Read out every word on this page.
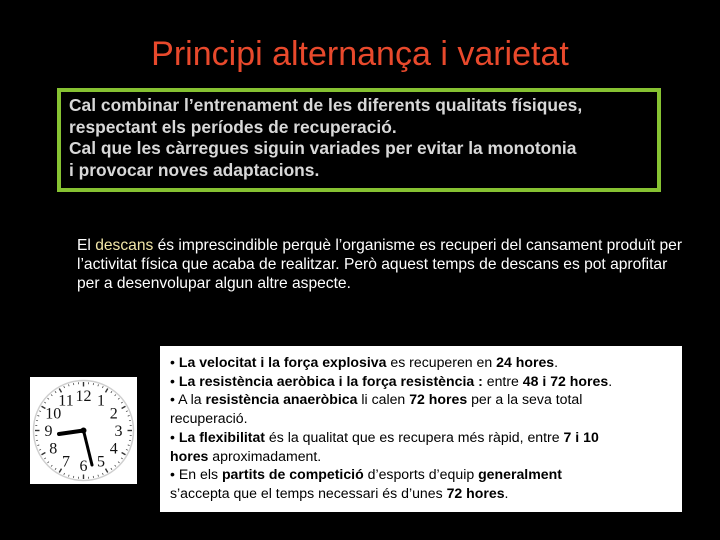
Principi alternança i varietat
Cal combinar l’entrenament de les diferents qualitats físiques,
respectant els períodes de recuperació.
Cal que les càrregues siguin variades per evitar la monotonia
i provocar noves adaptacions.
El descans és imprescindible perquè l’organisme es recuperi del cansament produït per l’activitat física que acaba de realitzar. Però aquest temps de descans es pot aprofitar per a desenvolupar algun altre aspecte.
12 1
2
3
4
5
6
7
8
9
10
11
• La velocitat i la força explosiva es recuperen en 24 hores.
• La resistència aeròbica i la força resistència : entre 48 i 72 hores.
• A la resistència anaeròbica li calen 72 hores per a la seva total
recuperació.
• La flexibilitat és la qualitat que es recupera més ràpid, entre 7 i 10
hores aproximadament.
• En els partits de competició d’esports d’equip generalment
s’accepta que el temps necessari és d’unes 72 hores.
